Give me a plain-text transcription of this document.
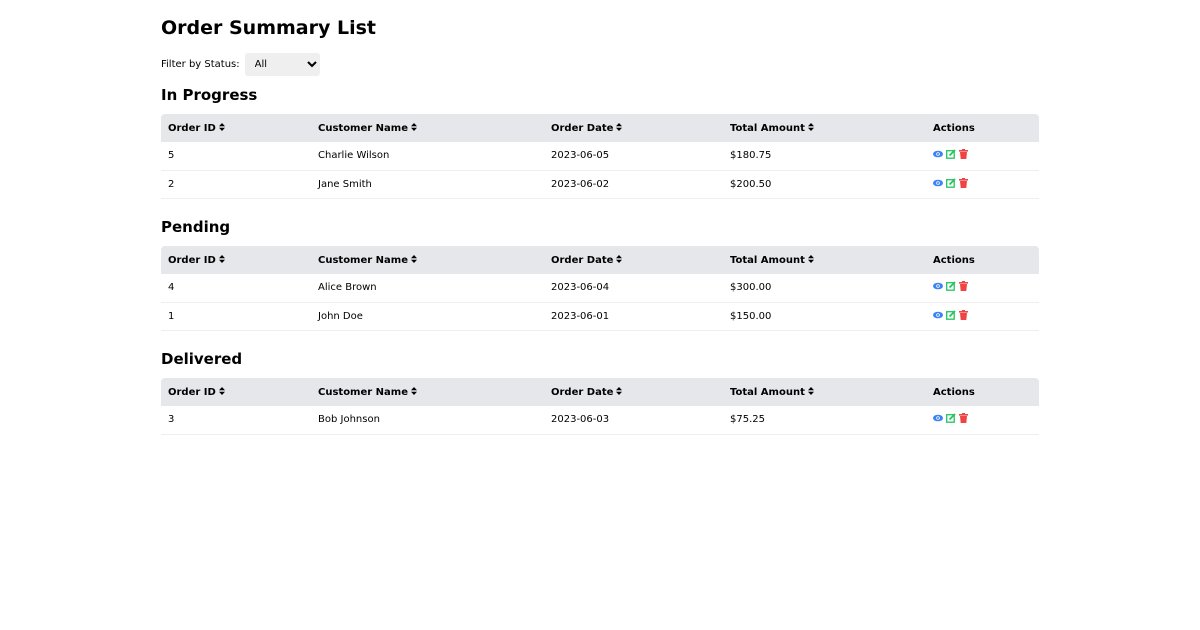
Order Summary List
Filter by Status:
All
In Progress
Order ID	Customer Name	Order Date	Total Amount	Actions
5	Charlie Wilson	2023-06-05	$180.75	
2	Jane Smith	2023-06-02	$200.50	
Pending
Order ID	Customer Name	Order Date	Total Amount	Actions
4	Alice Brown	2023-06-04	$300.00	
1	John Doe	2023-06-01	$150.00	
Delivered
Order ID	Customer Name	Order Date	Total Amount	Actions
3	Bob Johnson	2023-06-03	$75.25	
